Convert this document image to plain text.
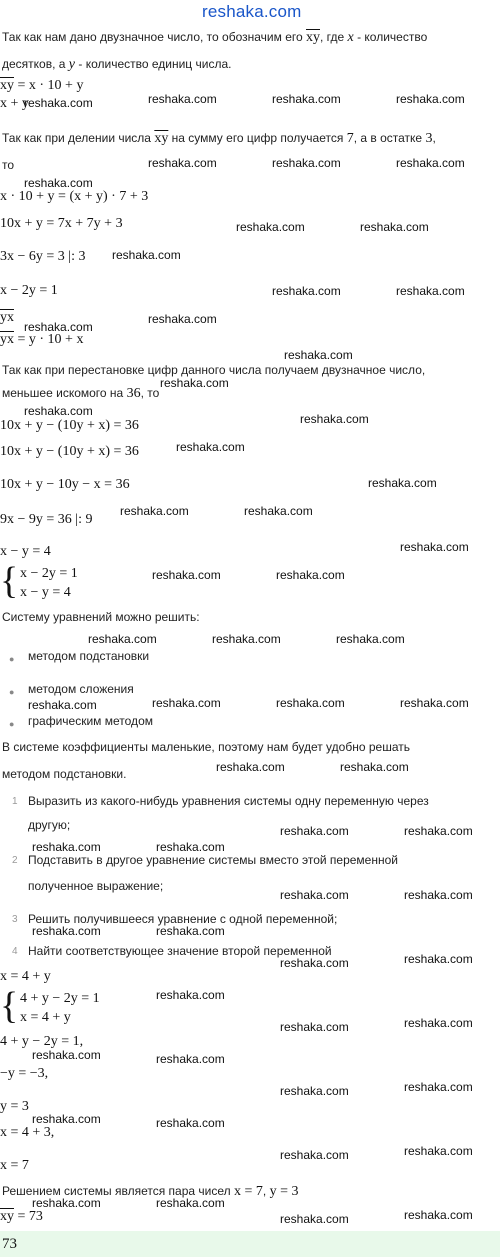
reshaka.com
Так как нам дано двузначное число, то обозначим его $\overline{xy}$, где x - количество
десятков, а y - количество единиц числа.
$\overline{xy} = x \cdot 10 + y$
x + y
Так как при делении числа $\overline{xy}$ на сумму его цифр получается 7, а в остатке 3,
то
x · 10 + y = (x + y) · 7 + 3
10x + y = 7x + 7y + 3
3x − 6y = 3 |: 3
x − 2y = 1
$\overline{yx}$
$\overline{yx} = y \cdot 10 + x$
Так как при перестановке цифр данного числа получаем двузначное число,
меньшее искомого на 36, то
10x + y − (10y + x) = 36
10x + y − (10y + x) = 36
10x + y − 10y − x = 36
9x − 9y = 36 |: 9
x − y = 4
{ x − 2y = 1
x − y = 4
Систему уравнений можно решить:
● методом подстановки
● методом сложения
● графическим методом
В системе коэффициенты маленькие, поэтому нам будет удобно решать
методом подстановки.
1 Выразить из какого-нибудь уравнения системы одну переменную через
другую;
2 Подставить в другое уравнение системы вместо этой переменной
полученное выражение;
3 Решить получившееся уравнение с одной переменной;
4 Найти соответствующее значение второй переменной
x = 4 + y
{ 4 + y − 2y = 1
x = 4 + y
4 + y − 2y = 1,
−y = −3,
y = 3
x = 4 + 3,
x = 7
Решением системы является пара чисел x = 7, y = 3
$\overline{xy} = 73$
73
reshaka.com	reshaka.com	reshaka.com	reshaka.com
reshaka.com	reshaka.com	reshaka.com
reshaka.com
reshaka.com	reshaka.com
reshaka.com
reshaka.com	reshaka.com
reshaka.com
reshaka.com
reshaka.com
reshaka.com
reshaka.com
reshaka.com
reshaka.com
reshaka.com
reshaka.com	reshaka.com
reshaka.com
reshaka.com	reshaka.com
reshaka.com	reshaka.com	reshaka.com
reshaka.com	reshaka.com	reshaka.com
reshaka.com
reshaka.com	reshaka.com
reshaka.com	reshaka.com
reshaka.com	reshaka.com
reshaka.com	reshaka.com
reshaka.com	reshaka.com
reshaka.com	reshaka.com
reshaka.com
reshaka.com	reshaka.com
reshaka.com	reshaka.com
reshaka.com	reshaka.com
reshaka.com	reshaka.com
reshaka.com	reshaka.com
reshaka.com	reshaka.com
reshaka.com	reshaka.com
